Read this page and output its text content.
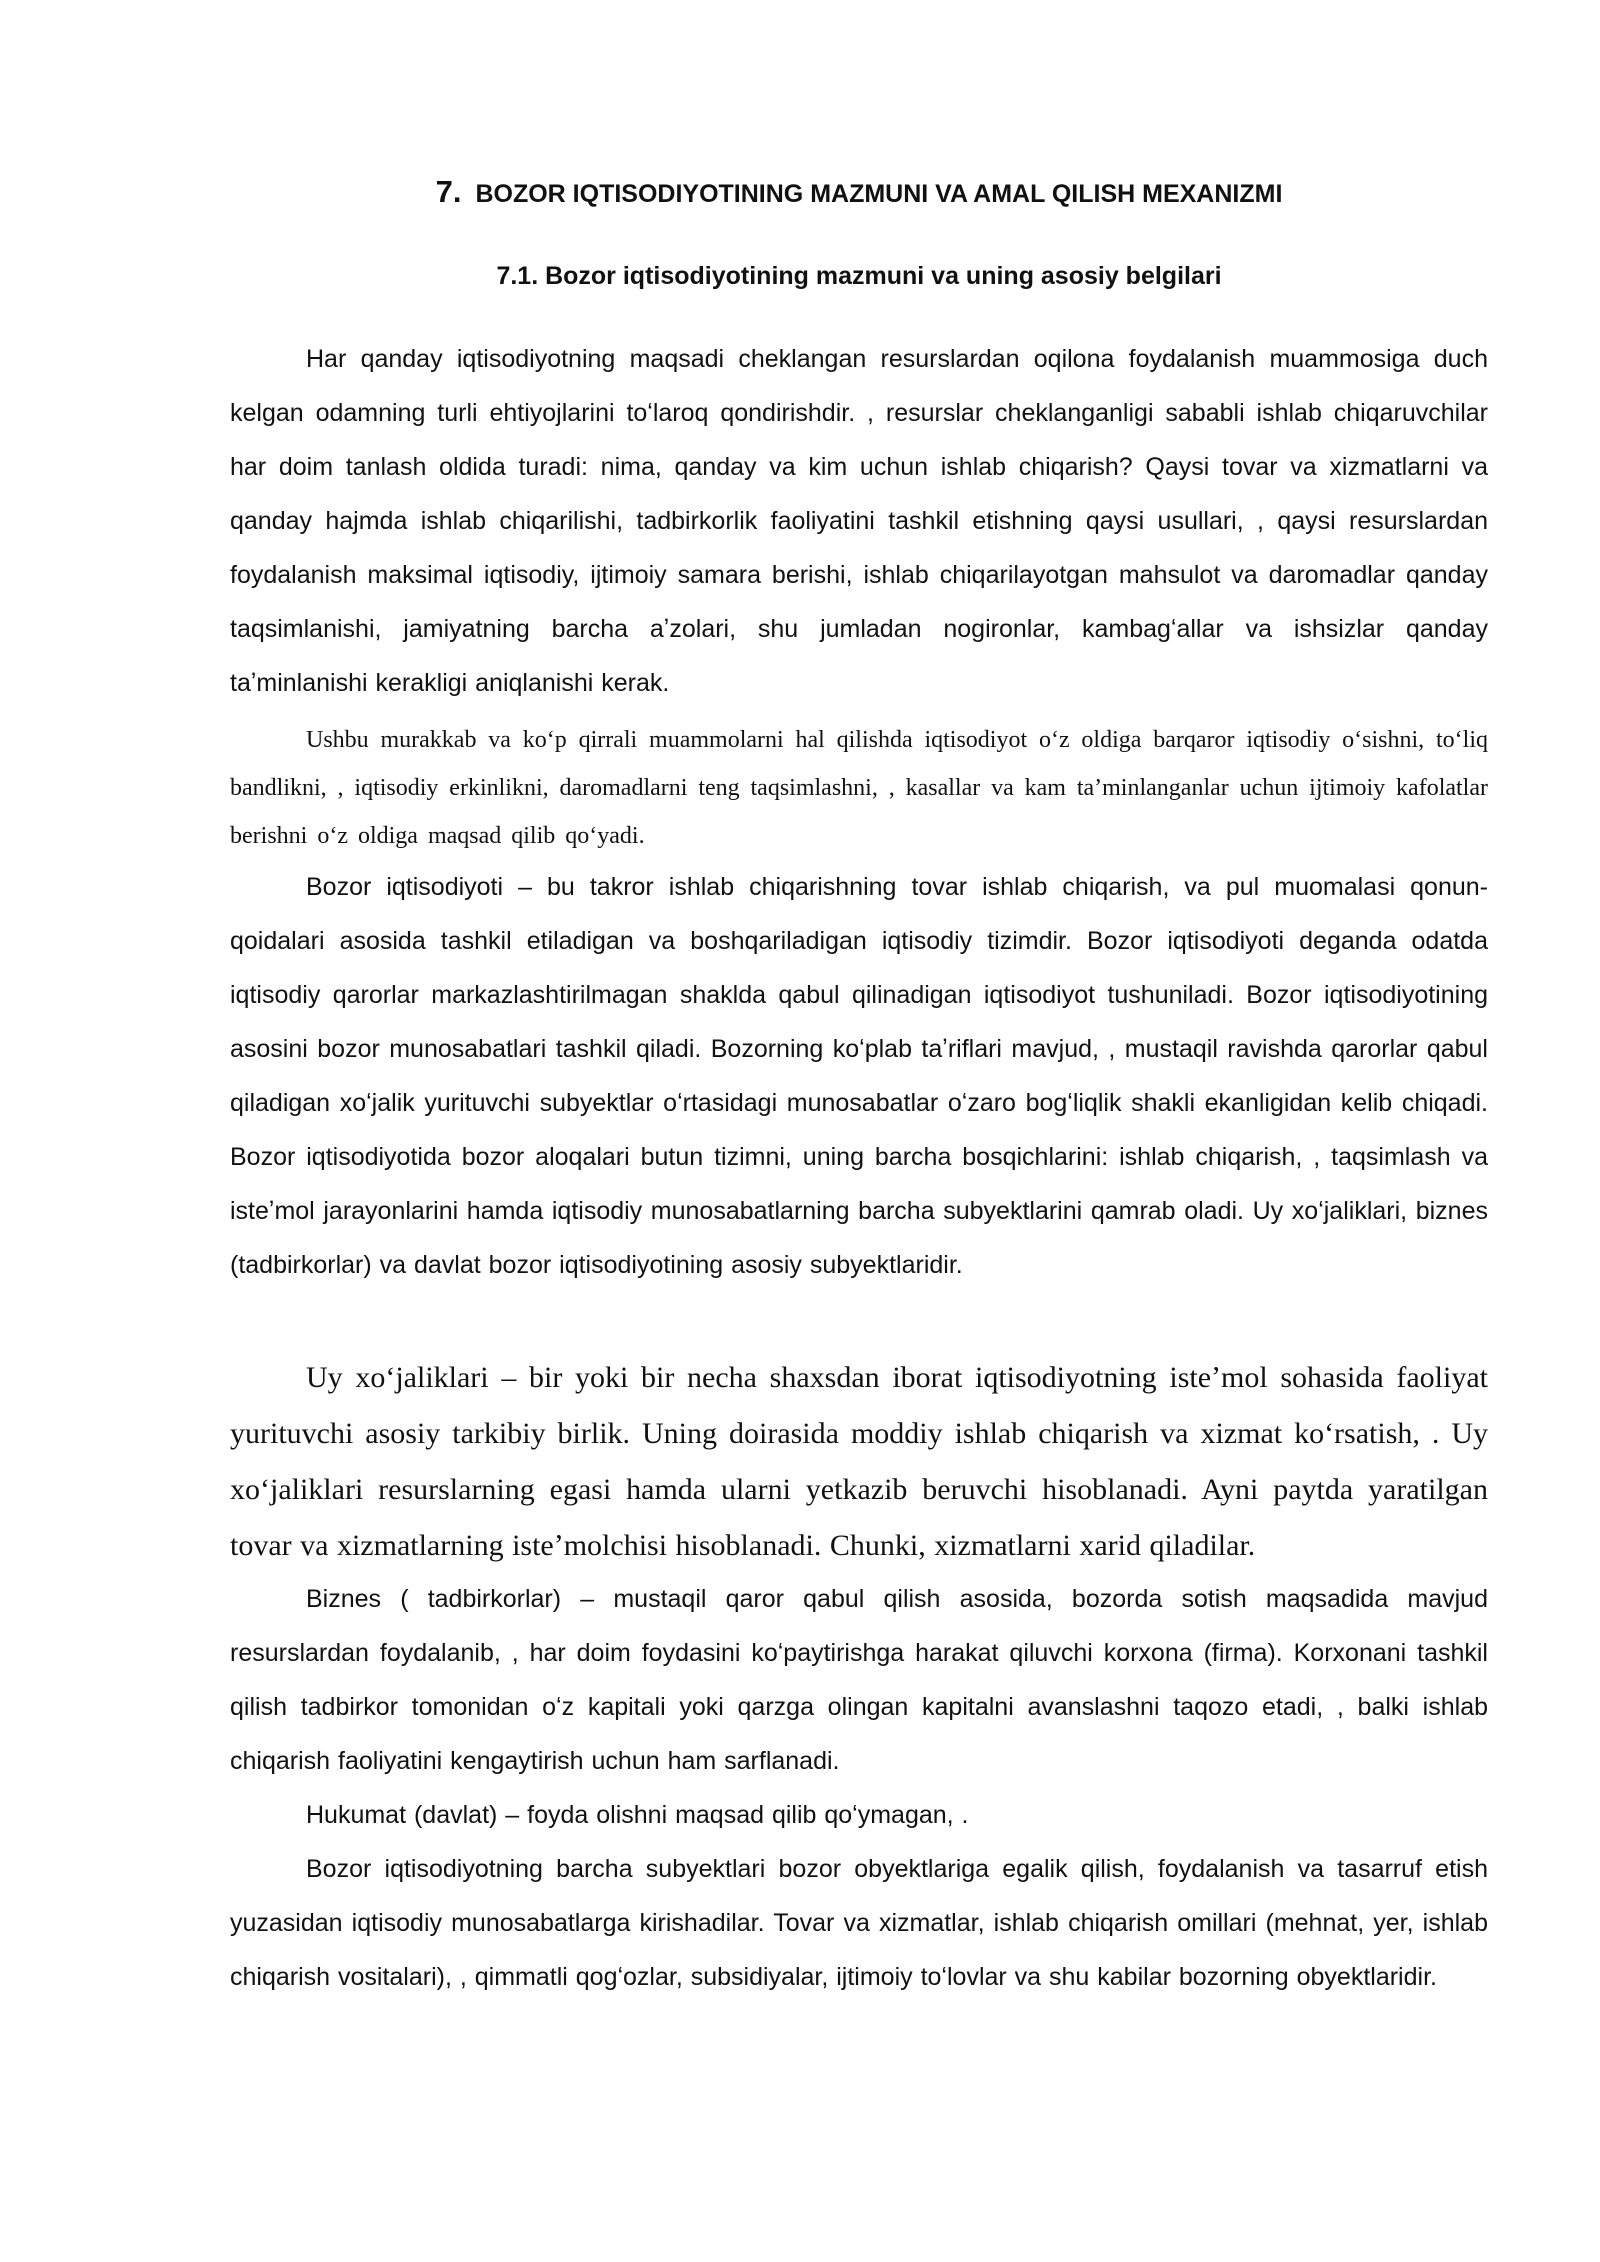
7. BOZOR IQTISODIYOTINING MAZMUNI VA AMAL QILISH MEXANIZMI
7.1. Bozor iqtisodiyotining mazmuni va uning asosiy belgilari

Har qanday iqtisodiyotning maqsadi cheklangan resurslardan oqilona foydalanish muammosiga duch kelgan odamning turli ehtiyojlarini toʻlaroq qondirishdir. , resurslar cheklanganligi sababli ishlab chiqaruvchilar har doim tanlash oldida turadi: nima, qanday va kim uchun ishlab chiqarish? Qaysi tovar va xizmatlarni va qanday hajmda ishlab chiqarilishi, tadbirkorlik faoliyatini tashkil etishning qaysi usullari, , qaysi resurslardan foydalanish maksimal iqtisodiy, ijtimoiy samara berishi, ishlab chiqarilayotgan mahsulot va daromadlar qanday taqsimlanishi, jamiyatning barcha aʼzolari, shu jumladan nogironlar, kambagʻallar va ishsizlar qanday taʼminlanishi kerakligi aniqlanishi kerak.

Ushbu murakkab va koʻp qirrali muammolarni hal qilishda iqtisodiyot oʻz oldiga barqaror iqtisodiy oʻsishni, toʻliq bandlikni, , iqtisodiy erkinlikni, daromadlarni teng taqsimlashni, , kasallar va kam taʼminlanganlar uchun ijtimoiy kafolatlar berishni oʻz oldiga maqsad qilib qoʻyadi.

Bozor iqtisodiyoti – bu takror ishlab chiqarishning tovar ishlab chiqarish, va pul muomalasi qonun-qoidalari asosida tashkil etiladigan va boshqariladigan iqtisodiy tizimdir. Bozor iqtisodiyoti deganda odatda iqtisodiy qarorlar markazlashtirilmagan shaklda qabul qilinadigan iqtisodiyot tushuniladi. Bozor iqtisodiyotining asosini bozor munosabatlari tashkil qiladi. Bozorning koʻplab taʼriflari mavjud, , mustaqil ravishda qarorlar qabul qiladigan xoʻjalik yurituvchi subyektlar oʻrtasidagi munosabatlar oʻzaro bogʻliqlik shakli ekanligidan kelib chiqadi. Bozor iqtisodiyotida bozor aloqalari butun tizimni, uning barcha bosqichlarini: ishlab chiqarish, , taqsimlash va isteʼmol jarayonlarini hamda iqtisodiy munosabatlarning barcha subyektlarini qamrab oladi. Uy xoʻjaliklari, biznes (tadbirkorlar) va davlat bozor iqtisodiyotining asosiy subyektlaridir.

Uy xoʻjaliklari – bir yoki bir necha shaxsdan iborat iqtisodiyotning isteʼmol sohasida faoliyat yurituvchi asosiy tarkibiy birlik. Uning doirasida moddiy ishlab chiqarish va xizmat koʻrsatish, . Uy xoʻjaliklari resurslarning egasi hamda ularni yetkazib beruvchi hisoblanadi. Ayni paytda yaratilgan tovar va xizmatlarning isteʼmolchisi hisoblanadi. Chunki, xizmatlarni xarid qiladilar.

Biznes ( tadbirkorlar) – mustaqil qaror qabul qilish asosida, bozorda sotish maqsadida mavjud resurslardan foydalanib, , har doim foydasini koʻpaytirishga harakat qiluvchi korxona (firma). Korxonani tashkil qilish tadbirkor tomonidan oʻz kapitali yoki qarzga olingan kapitalni avanslashni taqozo etadi, , balki ishlab chiqarish faoliyatini kengaytirish uchun ham sarflanadi.

Hukumat (davlat) – foyda olishni maqsad qilib qoʻymagan, .

Bozor iqtisodiyotning barcha subyektlari bozor obyektlariga egalik qilish, foydalanish va tasarruf etish yuzasidan iqtisodiy munosabatlarga kirishadilar. Tovar va xizmatlar, ishlab chiqarish omillari (mehnat, yer, ishlab chiqarish vositalari), , qimmatli qogʻozlar, subsidiyalar, ijtimoiy toʻlovlar va shu kabilar bozorning obyektlaridir.
